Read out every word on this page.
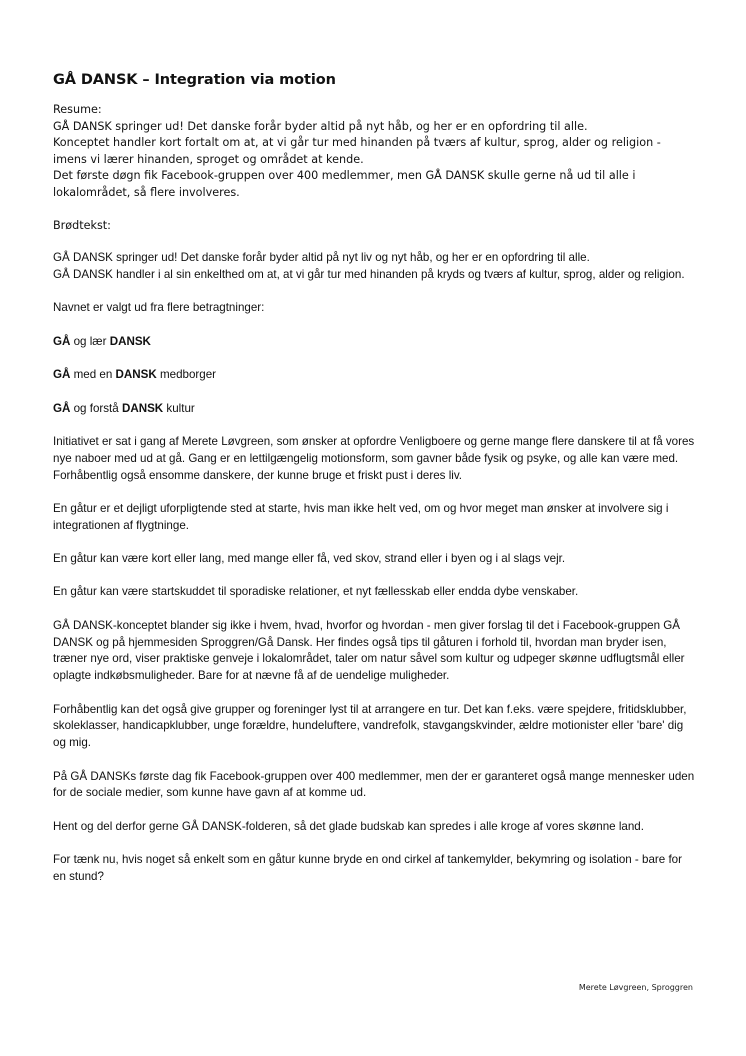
GÅ DANSK – Integration via motion

Resume:

GÅ DANSK springer ud! Det danske forår byder altid på nyt håb, og her er en opfordring til alle.

Konceptet handler kort fortalt om at, at vi går tur med hinanden på tværs af kultur, sprog, alder og religion - imens vi lærer hinanden, sproget og området at kende.

Det første døgn fik Facebook-gruppen over 400 medlemmer, men GÅ DANSK skulle gerne nå ud til alle i lokalområdet, så flere involveres.

Brødtekst:

GÅ DANSK springer ud! Det danske forår byder altid på nyt liv og nyt håb, og her er en opfordring til alle.
GÅ DANSK handler i al sin enkelthed om at, at vi går tur med hinanden på kryds og tværs af kultur, sprog, alder og religion.

Navnet er valgt ud fra flere betragtninger:

GÅ og lær DANSK

GÅ med en DANSK medborger

GÅ og forstå DANSK kultur

Initiativet er sat i gang af Merete Løvgreen, som ønsker at opfordre Venligboere og gerne mange flere danskere til at få vores nye naboer med ud at gå. Gang er en lettilgængelig motionsform, som gavner både fysik og psyke, og alle kan være med. Forhåbentlig også ensomme danskere, der kunne bruge et friskt pust i deres liv.

En gåtur er et dejligt uforpligtende sted at starte, hvis man ikke helt ved, om og hvor meget man ønsker at involvere sig i integrationen af flygtninge.

En gåtur kan være kort eller lang, med mange eller få, ved skov, strand eller i byen og i al slags vejr.

En gåtur kan være startskuddet til sporadiske relationer, et nyt fællesskab eller endda dybe venskaber.

GÅ DANSK-konceptet blander sig ikke i hvem, hvad, hvorfor og hvordan - men giver forslag til det i Facebook-gruppen GÅ DANSK og på hjemmesiden Sproggren/Gå Dansk. Her findes også tips til gåturen i forhold til, hvordan man bryder isen, træner nye ord, viser praktiske genveje i lokalområdet, taler om natur såvel som kultur og udpeger skønne udflugtsmål eller oplagte indkøbsmuligheder. Bare for at nævne få af de uendelige muligheder.

Forhåbentlig kan det også give grupper og foreninger lyst til at arrangere en tur. Det kan f.eks. være spejdere, fritidsklubber, skoleklasser, handicapklubber, unge forældre, hundeluftere, vandrefolk, stavgangskvinder, ældre motionister eller 'bare' dig og mig.

På GÅ DANSKs første dag fik Facebook-gruppen over 400 medlemmer, men der er garanteret også mange mennesker uden for de sociale medier, som kunne have gavn af at komme ud.

Hent og del derfor gerne GÅ DANSK-folderen, så det glade budskab kan spredes i alle kroge af vores skønne land.

For tænk nu, hvis noget så enkelt som en gåtur kunne bryde en ond cirkel af tankemylder, bekymring og isolation - bare for en stund?

Merete Løvgreen, Sproggren
